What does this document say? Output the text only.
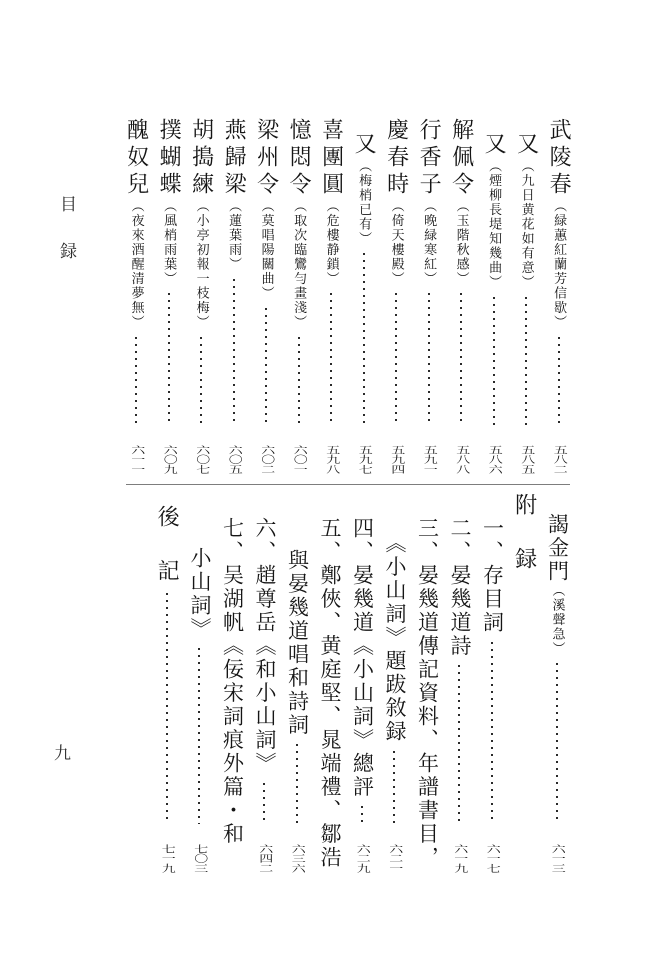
目録
九
武陵春（緑蕙紅蘭芳信歇）
五八二
又（九日黄花如有意）
五八五
又（煙柳長堤知幾曲）
五八六
解佩令（玉階秋感）
五八八
行香子（晚緑寒紅）
五九一
慶春時（倚天樓殿）
五九四
又（梅梢已有）
五九七
喜團圓（危樓静鎖）
五九八
憶悶令（取次臨鸞勻畫淺）
六〇一
梁州令（莫唱陽關曲）
六〇二
燕歸梁（蓮葉雨）
六〇五
胡搗練（小亭初報一枝梅）
六〇七
撲蝴蝶（風梢雨葉）
六〇九
醜奴兒（夜來酒醒清夢無）
六一一
謁金門（溪聲急）
六一三
附　録
一、存目詞
六一七
二、晏幾道詩
六一九
三、晏幾道傳記資料、年譜書目，
《小山詞》題跋敘録
六二一
四、晏幾道《小山詞》總評
六二九
五、鄭俠、黄庭堅、晁端禮、鄒浩
與晏幾道唱和詩詞
六三六
六、趙尊岳《和小山詞》
六四二
七、吴湖帆《佞宋詞痕外篇・和
小山詞》
七〇三
後　記
七一九
